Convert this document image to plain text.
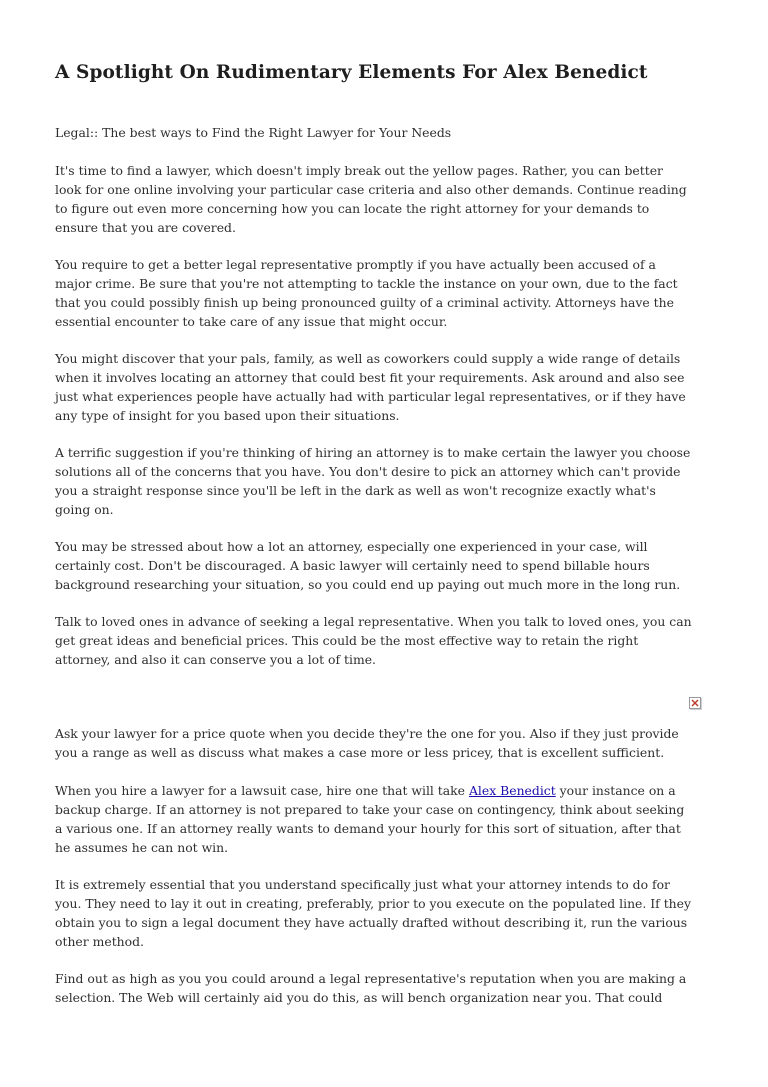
A Spotlight On Rudimentary Elements For Alex Benedict

Legal:: The best ways to Find the Right Lawyer for Your Needs

It's time to find a lawyer, which doesn't imply break out the yellow pages. Rather, you can better
look for one online involving your particular case criteria and also other demands. Continue reading
to figure out even more concerning how you can locate the right attorney for your demands to
ensure that you are covered.

You require to get a better legal representative promptly if you have actually been accused of a
major crime. Be sure that you're not attempting to tackle the instance on your own, due to the fact
that you could possibly finish up being pronounced guilty of a criminal activity. Attorneys have the
essential encounter to take care of any issue that might occur.

You might discover that your pals, family, as well as coworkers could supply a wide range of details
when it involves locating an attorney that could best fit your requirements. Ask around and also see
just what experiences people have actually had with particular legal representatives, or if they have
any type of insight for you based upon their situations.

A terrific suggestion if you're thinking of hiring an attorney is to make certain the lawyer you choose
solutions all of the concerns that you have. You don't desire to pick an attorney which can't provide
you a straight response since you'll be left in the dark as well as won't recognize exactly what's
going on.

You may be stressed about how a lot an attorney, especially one experienced in your case, will
certainly cost. Don't be discouraged. A basic lawyer will certainly need to spend billable hours
background researching your situation, so you could end up paying out much more in the long run.

Talk to loved ones in advance of seeking a legal representative. When you talk to loved ones, you can
get great ideas and beneficial prices. This could be the most effective way to retain the right
attorney, and also it can conserve you a lot of time.

Ask your lawyer for a price quote when you decide they're the one for you. Also if they just provide
you a range as well as discuss what makes a case more or less pricey, that is excellent sufficient.

When you hire a lawyer for a lawsuit case, hire one that will take Alex Benedict your instance on a
backup charge. If an attorney is not prepared to take your case on contingency, think about seeking
a various one. If an attorney really wants to demand your hourly for this sort of situation, after that
he assumes he can not win.

It is extremely essential that you understand specifically just what your attorney intends to do for
you. They need to lay it out in creating, preferably, prior to you execute on the populated line. If they
obtain you to sign a legal document they have actually drafted without describing it, run the various
other method.

Find out as high as you you could around a legal representative's reputation when you are making a
selection. The Web will certainly aid you do this, as will bench organization near you. That could
